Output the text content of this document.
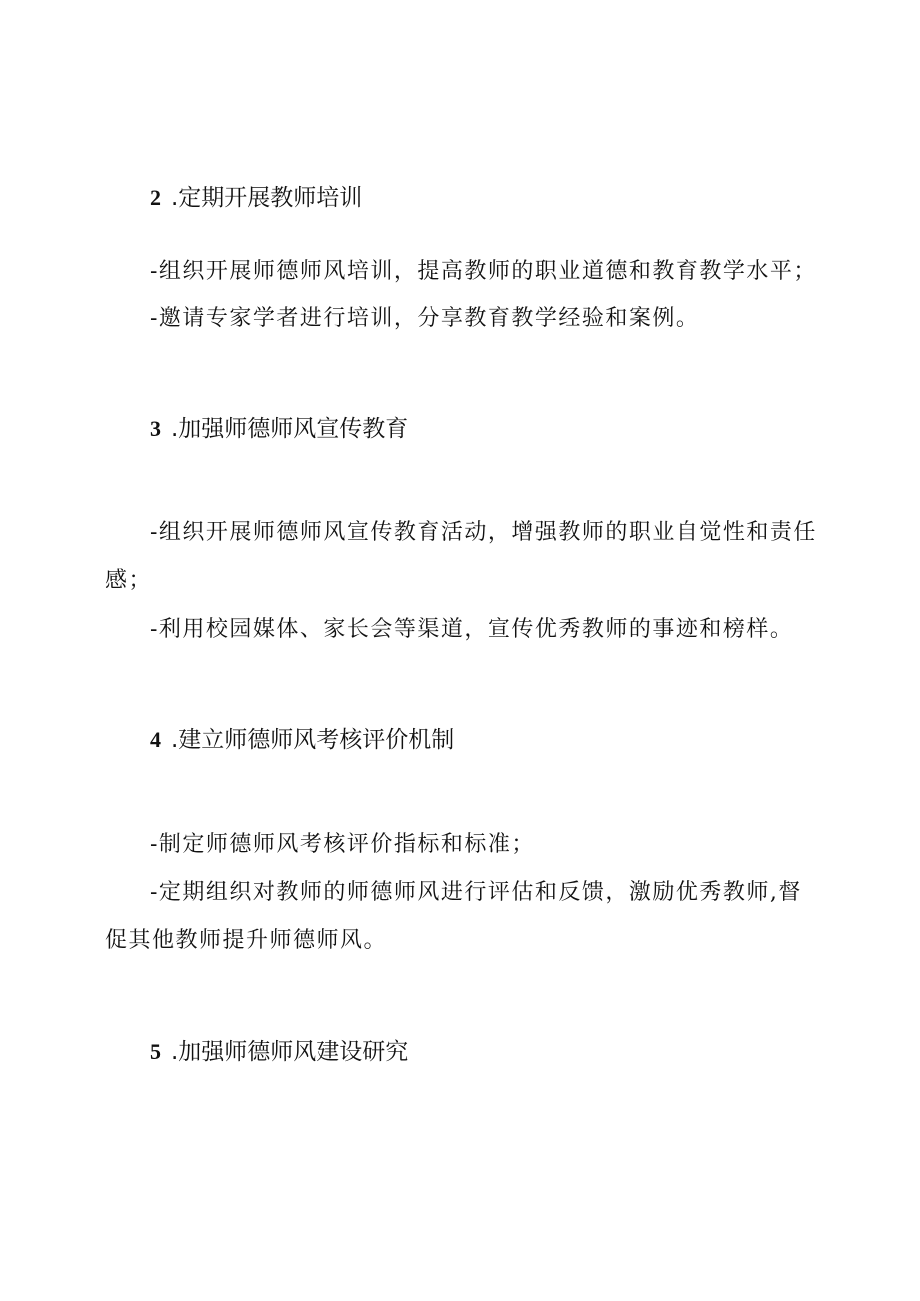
2 .定期开展教师培训
-组织开展师德师风培训，提高教师的职业道德和教育教学水平；
-邀请专家学者进行培训，分享教育教学经验和案例。
3 .加强师德师风宣传教育
-组织开展师德师风宣传教育活动，增强教师的职业自觉性和责任
感；
-利用校园媒体、家长会等渠道，宣传优秀教师的事迹和榜样。
4 .建立师德师风考核评价机制
-制定师德师风考核评价指标和标准；
-定期组织对教师的师德师风进行评估和反馈，激励优秀教师,督
促其他教师提升师德师风。
5 .加强师德师风建设研究
